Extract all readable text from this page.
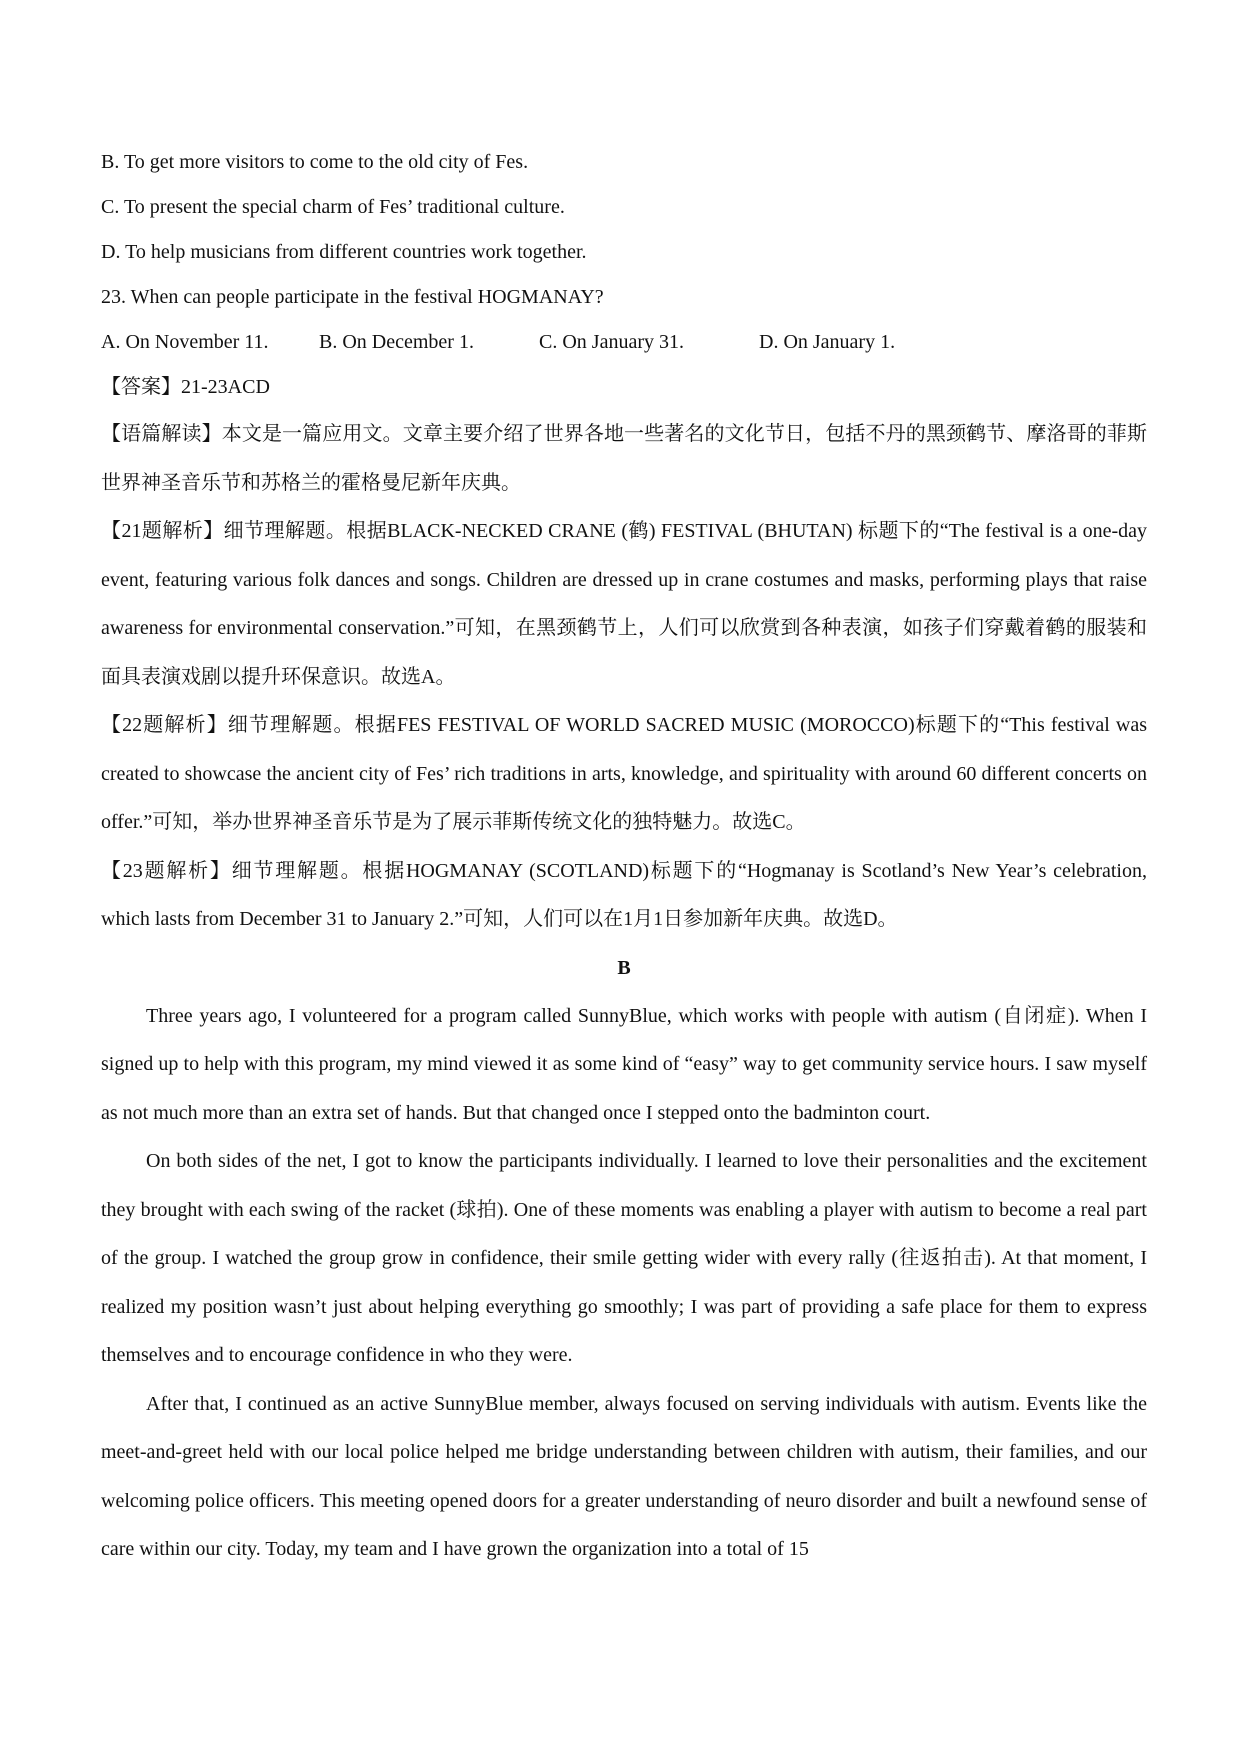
B. To get more visitors to come to the old city of Fes.

C. To present the special charm of Fes’ traditional culture.

D. To help musicians from different countries work together.

23. When can people participate in the festival HOGMANAY?

A. On November 11.	B. On December 1.	C. On January 31.	D. On January 1.

【答案】21-23ACD

【语篇解读】本文是一篇应用文。文章主要介绍了世界各地一些著名的文化节日，包括不丹的黑颈鹤节、摩洛哥的菲斯世界神圣音乐节和苏格兰的霍格曼尼新年庆典。

【21题解析】细节理解题。根据BLACK-NECKED CRANE (鹤) FESTIVAL (BHUTAN) 标题下的“The festival is a one-day event, featuring various folk dances and songs. Children are dressed up in crane costumes and masks, performing plays that raise awareness for environmental conservation.”可知，在黑颈鹤节上，人们可以欣赏到各种表演，如孩子们穿戴着鹤的服装和面具表演戏剧以提升环保意识。故选A。

【22题解析】细节理解题。根据FES FESTIVAL OF WORLD SACRED MUSIC (MOROCCO)标题下的“This festival was created to showcase the ancient city of Fes’ rich traditions in arts, knowledge, and spirituality with around 60 different concerts on offer.”可知，举办世界神圣音乐节是为了展示菲斯传统文化的独特魅力。故选C。

【23题解析】细节理解题。根据HOGMANAY (SCOTLAND)标题下的“Hogmanay is Scotland’s New Year’s celebration, which lasts from December 31 to January 2.”可知，人们可以在1月1日参加新年庆典。故选D。

B

Three years ago, I volunteered for a program called SunnyBlue, which works with people with autism (自闭症). When I signed up to help with this program, my mind viewed it as some kind of “easy” way to get community service hours. I saw myself as not much more than an extra set of hands. But that changed once I stepped onto the badminton court.

On both sides of the net, I got to know the participants individually. I learned to love their personalities and the excitement they brought with each swing of the racket (球拍). One of these moments was enabling a player with autism to become a real part of the group. I watched the group grow in confidence, their smile getting wider with every rally (往返拍击). At that moment, I realized my position wasn’t just about helping everything go smoothly; I was part of providing a safe place for them to express themselves and to encourage confidence in who they were.

After that, I continued as an active SunnyBlue member, always focused on serving individuals with autism. Events like the meet-and-greet held with our local police helped me bridge understanding between children with autism, their families, and our welcoming police officers. This meeting opened doors for a greater understanding of neuro disorder and built a newfound sense of care within our city. Today, my team and I have grown the organization into a total of 15
